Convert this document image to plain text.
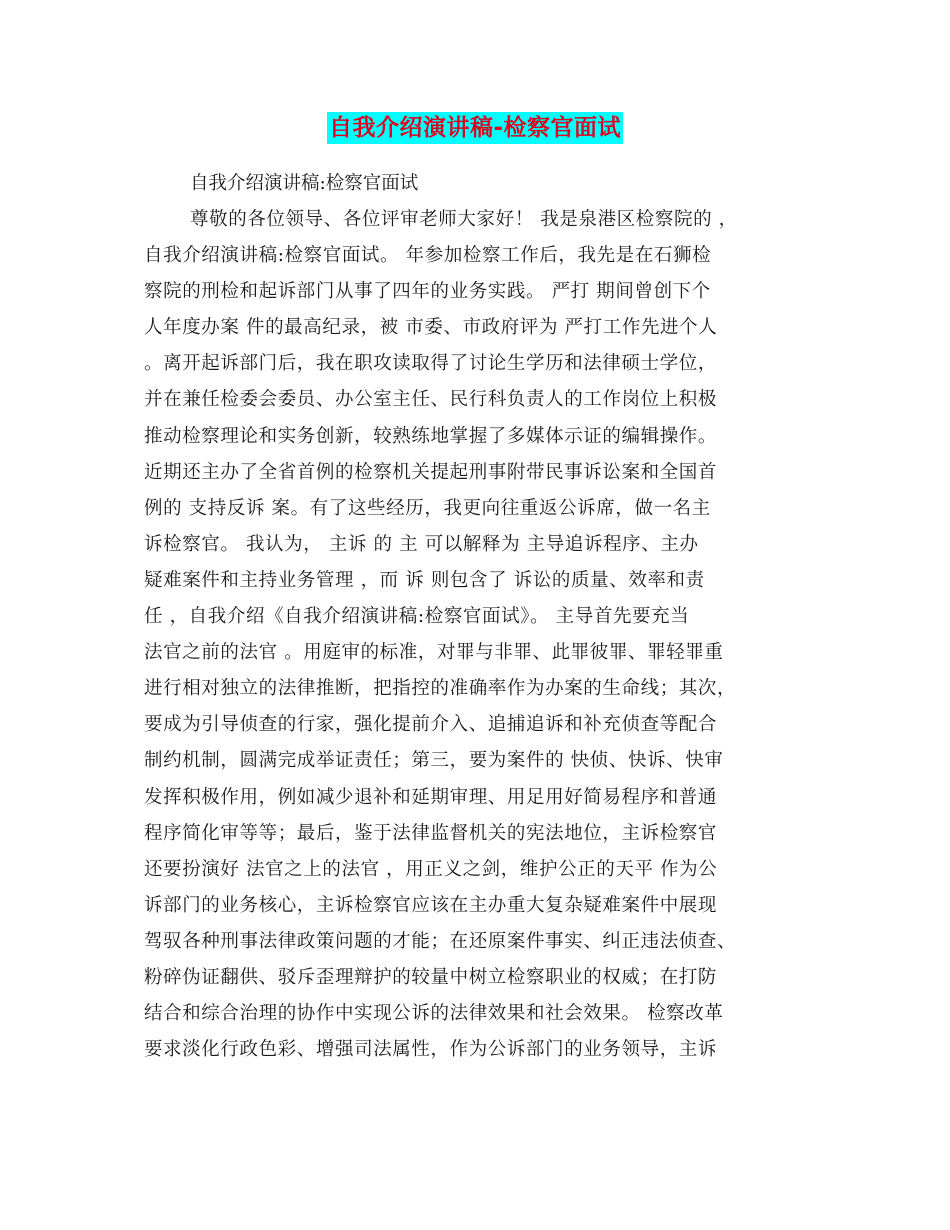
自我介绍演讲稿-检察官面试
自我介绍演讲稿:检察官面试
尊敬的各位领导、各位评审老师大家好！ 我是泉港区检察院的 ，
自我介绍演讲稿:检察官面试。 年参加检察工作后，我先是在石狮检
察院的刑检和起诉部门从事了四年的业务实践。 严打 期间曾创下个
人年度办案 件的最高纪录，被 市委、市政府评为 严打工作先进个人
。离开起诉部门后，我在职攻读取得了讨论生学历和法律硕士学位，
并在兼任检委会委员、办公室主任、民行科负责人的工作岗位上积极
推动检察理论和实务创新，较熟练地掌握了多媒体示证的编辑操作。
近期还主办了全省首例的检察机关提起刑事附带民事诉讼案和全国首
例的 支持反诉 案。有了这些经历，我更向往重返公诉席，做一名主
诉检察官。 我认为， 主诉 的 主 可以解释为 主导追诉程序、主办
疑难案件和主持业务管理 ，而 诉 则包含了 诉讼的质量、效率和责
任 ，自我介绍《自我介绍演讲稿:检察官面试》。 主导首先要充当
法官之前的法官 。用庭审的标准，对罪与非罪、此罪彼罪、罪轻罪重
进行相对独立的法律推断，把指控的准确率作为办案的生命线；其次，
要成为引导侦查的行家，强化提前介入、追捕追诉和补充侦查等配合
制约机制，圆满完成举证责任；第三，要为案件的 快侦、快诉、快审
发挥积极作用，例如减少退补和延期审理、用足用好简易程序和普通
程序简化审等等；最后，鉴于法律监督机关的宪法地位，主诉检察官
还要扮演好 法官之上的法官 ，用正义之剑，维护公正的天平 作为公
诉部门的业务核心，主诉检察官应该在主办重大复杂疑难案件中展现
驾驭各种刑事法律政策问题的才能；在还原案件事实、纠正违法侦查、
粉碎伪证翻供、驳斥歪理辩护的较量中树立检察职业的权威；在打防
结合和综合治理的协作中实现公诉的法律效果和社会效果。 检察改革
要求淡化行政色彩、增强司法属性，作为公诉部门的业务领导，主诉
